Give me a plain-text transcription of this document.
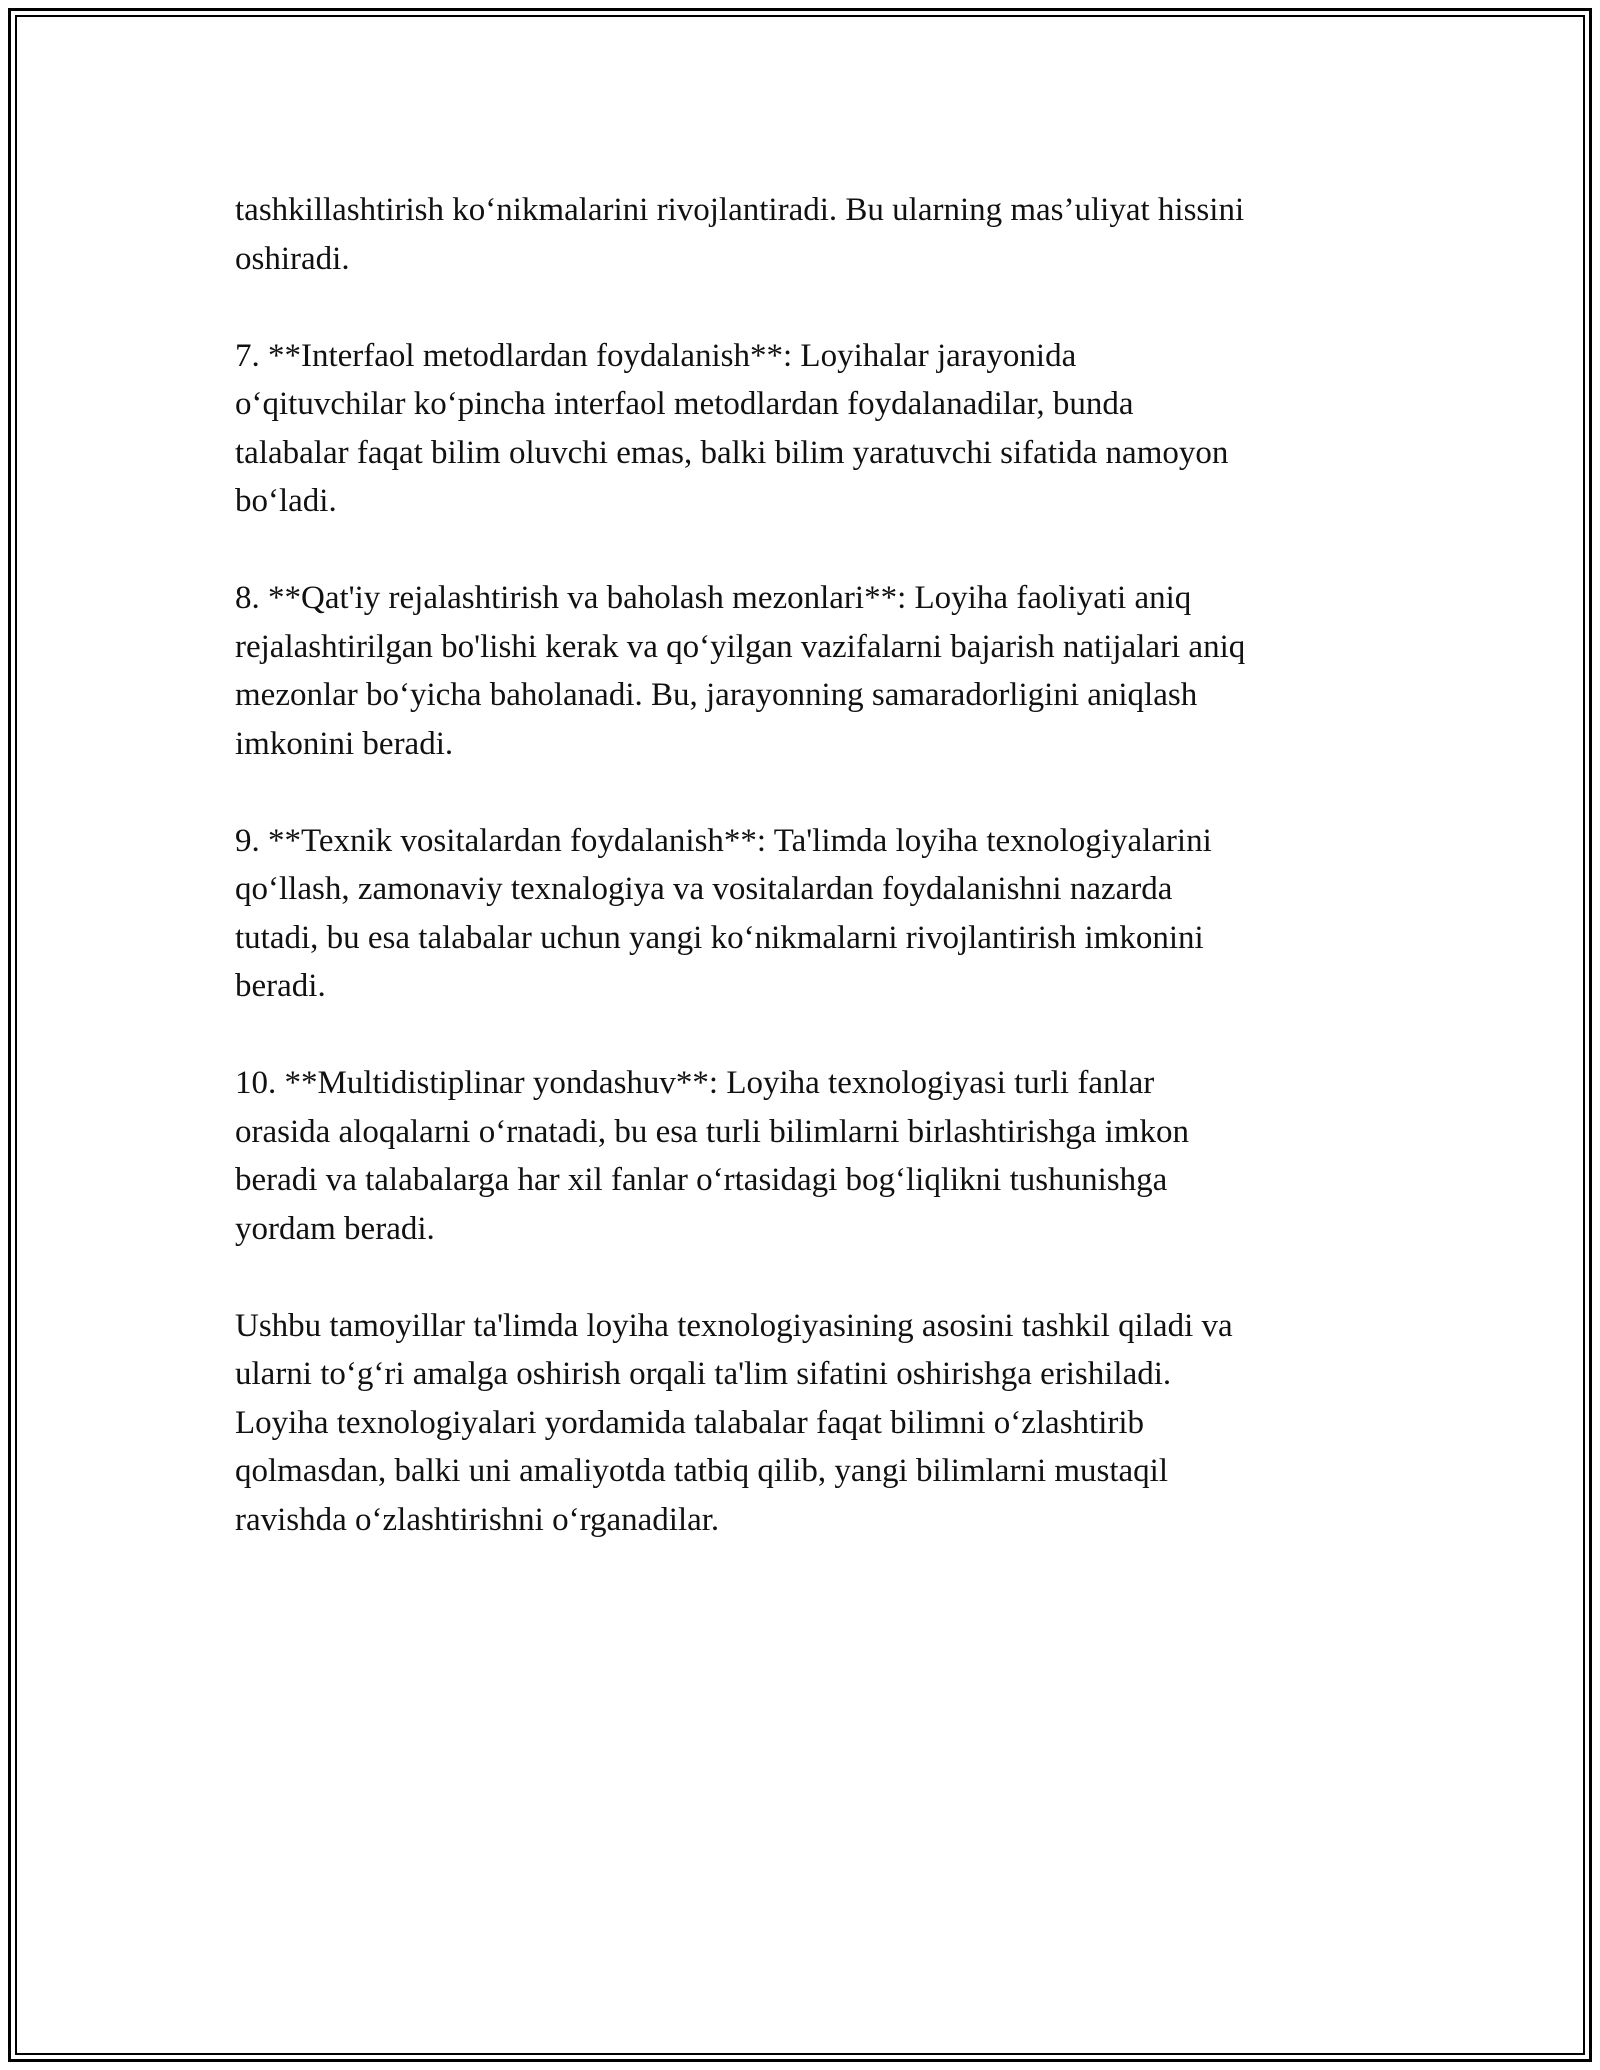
tashkillashtirish ko‘nikmalarini rivojlantiradi. Bu ularning mas’uliyat hissini
oshiradi.

7. **Interfaol metodlardan foydalanish**: Loyihalar jarayonida
o‘qituvchilar ko‘pincha interfaol metodlardan foydalanadilar, bunda
talabalar faqat bilim oluvchi emas, balki bilim yaratuvchi sifatida namoyon
bo‘ladi.

8. **Qat'iy rejalashtirish va baholash mezonlari**: Loyiha faoliyati aniq
rejalashtirilgan bo'lishi kerak va qo‘yilgan vazifalarni bajarish natijalari aniq
mezonlar bo‘yicha baholanadi. Bu, jarayonning samaradorligini aniqlash
imkonini beradi.

9. **Texnik vositalardan foydalanish**: Ta'limda loyiha texnologiyalarini
qo‘llash, zamonaviy texnalogiya va vositalardan foydalanishni nazarda
tutadi, bu esa talabalar uchun yangi ko‘nikmalarni rivojlantirish imkonini
beradi.

10. **Multidistiplinar yondashuv**: Loyiha texnologiyasi turli fanlar
orasida aloqalarni o‘rnatadi, bu esa turli bilimlarni birlashtirishga imkon
beradi va talabalarga har xil fanlar o‘rtasidagi bog‘liqlikni tushunishga
yordam beradi.

Ushbu tamoyillar ta'limda loyiha texnologiyasining asosini tashkil qiladi va
ularni to‘g‘ri amalga oshirish orqali ta'lim sifatini oshirishga erishiladi.
Loyiha texnologiyalari yordamida talabalar faqat bilimni o‘zlashtirib
qolmasdan, balki uni amaliyotda tatbiq qilib, yangi bilimlarni mustaqil
ravishda o‘zlashtirishni o‘rganadilar.
